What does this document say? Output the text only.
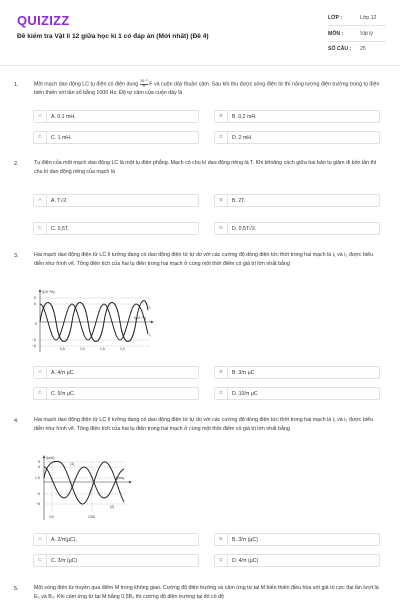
QUIZIZZ
Đề kiểm tra Vật lí 12 giữa học kì 1 có đáp án (Mới nhất) (Đề 4)
LỚP :	Lớp 12
MÔN :	Vật lý
SỐ CÂU :	25
1.	Một mạch dao động LC tụ điện có điện dung $\frac{\text{10⁻³}}{\pi}$ F và cuộn dây thuần cảm. Sau khi thu được sóng điện từ thì năng lượng điện trường trong tụ điện biến thiên với tần số bằng 1000 Hz. Độ tự cảm của cuộn dây là
A	A. 0,1 mH.	B	B. 0,2 mH.
C	C. 1 mH.	D	D. 2 mH.
2.	Tụ điện của một mạch dao động LC là một tụ điện phẳng. Mạch có chu kì dao động riêng là T. Khi khoảng cách giữa hai bản tụ giảm đi bốn lần thì chu kì dao động riêng của mạch là
A	A. T√2.	B	B. 2T.
C	C. 0,5T.	D	D. 0,5T√2.
3.	Hai mạch dao động điện từ LC lí tưởng đang có dao động điện từ tự do với các cường độ dòng điện tức thời trong hai mạch là i₁ và i₂ được biểu diễn như hình vẽ. Tổng điện tích của hai tụ điện trong hai mạch ở cùng một thời điểm có giá trị lớn nhất bằng
i(10⁻³A)
t(10⁻³s)
8
6
0
−6
−8
0,5	1,0	1,5	2,0
i₁
i₂
A	A. 4/π μC.	B	B. 3/π μC
C	C. 5/π μC.	D	D. 10/π μC
4.	Hai mạch dao động điện từ LC lí tưởng đang có dao động điện từ tự do với các cường độ dòng điện tức thời trong hai mạch là i₁ và i₂ được biểu diễn như hình vẽ. Tổng điện tích của hai tụ điện trong hai mạch ở cùng một thời điểm có giá trị lớn nhất bằng
i(mA)
t(ms)
8
6
1,5
−4
−8
1/3	13/6
(1)
(2)
A	A. 2/π(μC).	B	B. 3/π (μC)
C	C. 3/π (μC)	D	D. 4/π (μC)
5.	Một sóng điện từ truyền qua điểm M trong không gian. Cường độ điện trường và cảm ứng từ tại M biến thiên điều hòa với giá trị cực đại lần lượt là E₀ và B₀. Khi cảm ứng từ tại M bằng 0,5B₀ thì cường độ điện trường tại đó có độ
